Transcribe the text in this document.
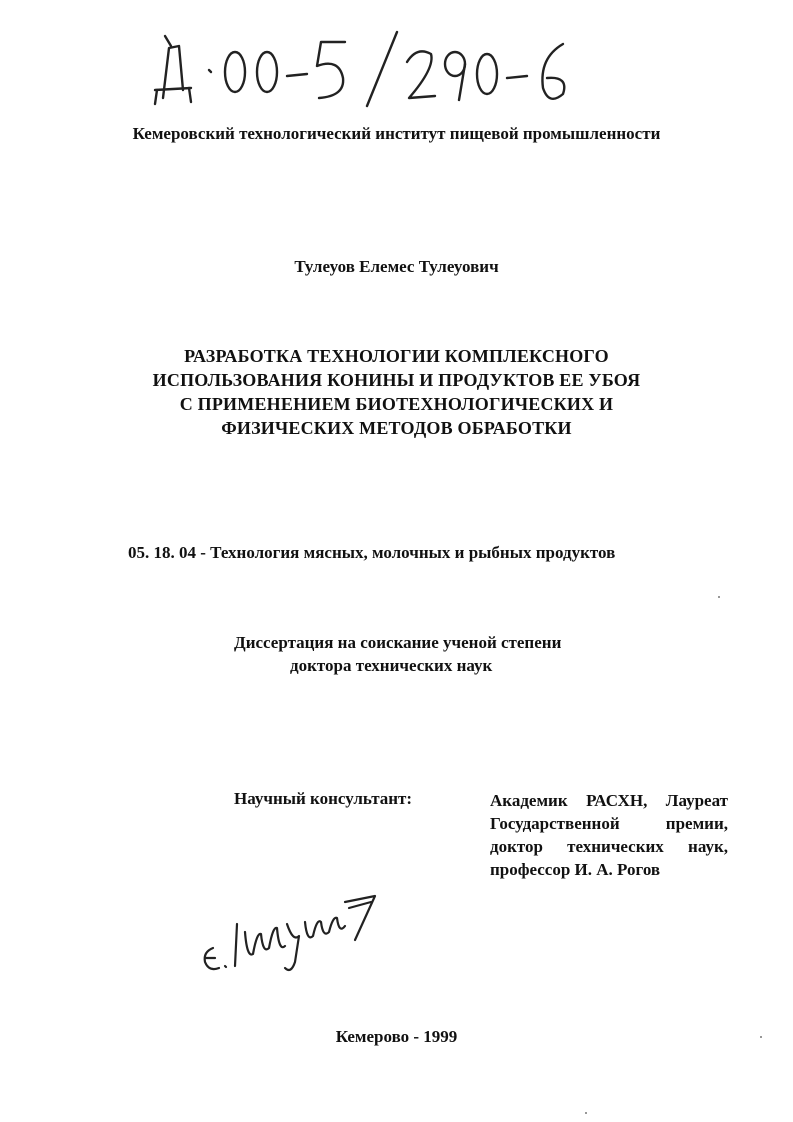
Кемеровский технологический институт пищевой промышленности
Тулеуов Елемес Тулеуович
РАЗРАБОТКА ТЕХНОЛОГИИ КОМПЛЕКСНОГО
ИСПОЛЬЗОВАНИЯ КОНИНЫ И ПРОДУКТОВ ЕЕ УБОЯ
С ПРИМЕНЕНИЕМ БИОТЕХНОЛОГИЧЕСКИХ И
ФИЗИЧЕСКИХ МЕТОДОВ ОБРАБОТКИ
05. 18. 04 - Технология мясных, молочных и рыбных продуктов
Диссертация на соискание ученой степени
доктора технических наук
Научный консультант:	Академик РАСХН, Лауреат
Государственной премии,
доктор технических наук,
профессор И. А. Рогов
Кемерово - 1999
